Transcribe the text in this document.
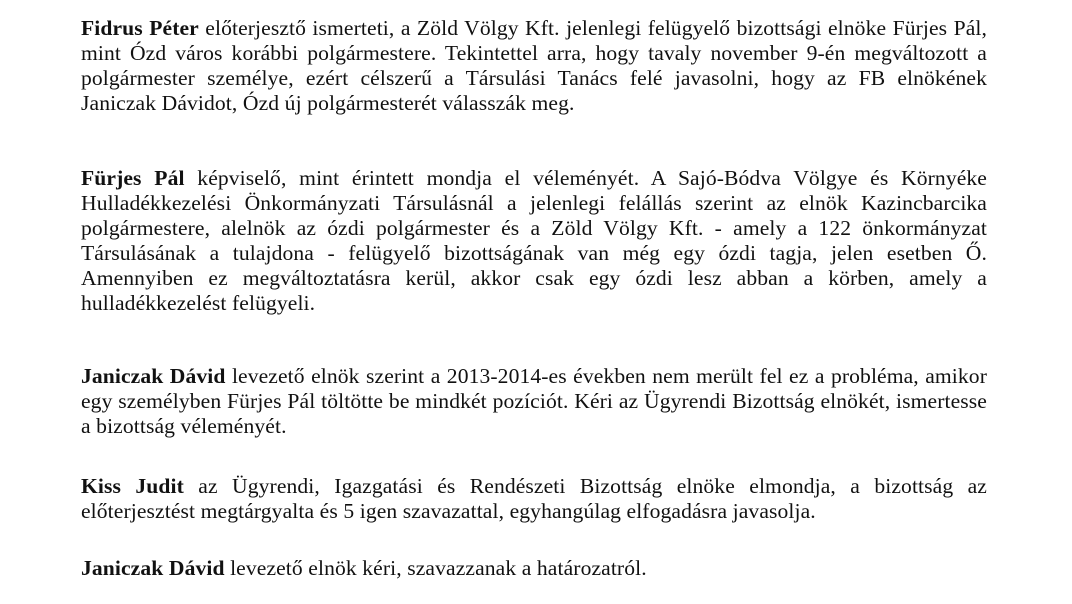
Fidrus Péter előterjesztő ismerteti, a Zöld Völgy Kft. jelenlegi felügyelő bizottsági elnöke Fürjes Pál, mint Ózd város korábbi polgármestere. Tekintettel arra, hogy tavaly november 9-én megváltozott a polgármester személye, ezért célszerű a Társulási Tanács felé javasolni, hogy az FB elnökének Janiczak Dávidot, Ózd új polgármesterét válasszák meg.

Fürjes Pál képviselő, mint érintett mondja el véleményét. A Sajó-Bódva Völgye és Környéke Hulladékkezelési Önkormányzati Társulásnál a jelenlegi felállás szerint az elnök Kazincbarcika polgármestere, alelnök az ózdi polgármester és a Zöld Völgy Kft. - amely a 122 önkormányzat Társulásának a tulajdona - felügyelő bizottságának van még egy ózdi tagja, jelen esetben Ő. Amennyiben ez megváltoztatásra kerül, akkor csak egy ózdi lesz abban a körben, amely a hulladékkezelést felügyeli.

Janiczak Dávid levezető elnök szerint a 2013-2014-es években nem merült fel ez a probléma, amikor egy személyben Fürjes Pál töltötte be mindkét pozíciót. Kéri az Ügyrendi Bizottság elnökét, ismertesse a bizottság véleményét.

Kiss Judit az Ügyrendi, Igazgatási és Rendészeti Bizottság elnöke elmondja, a bizottság az előterjesztést megtárgyalta és 5 igen szavazattal, egyhangúlag elfogadásra javasolja.

Janiczak Dávid levezető elnök kéri, szavazzanak a határozatról.
